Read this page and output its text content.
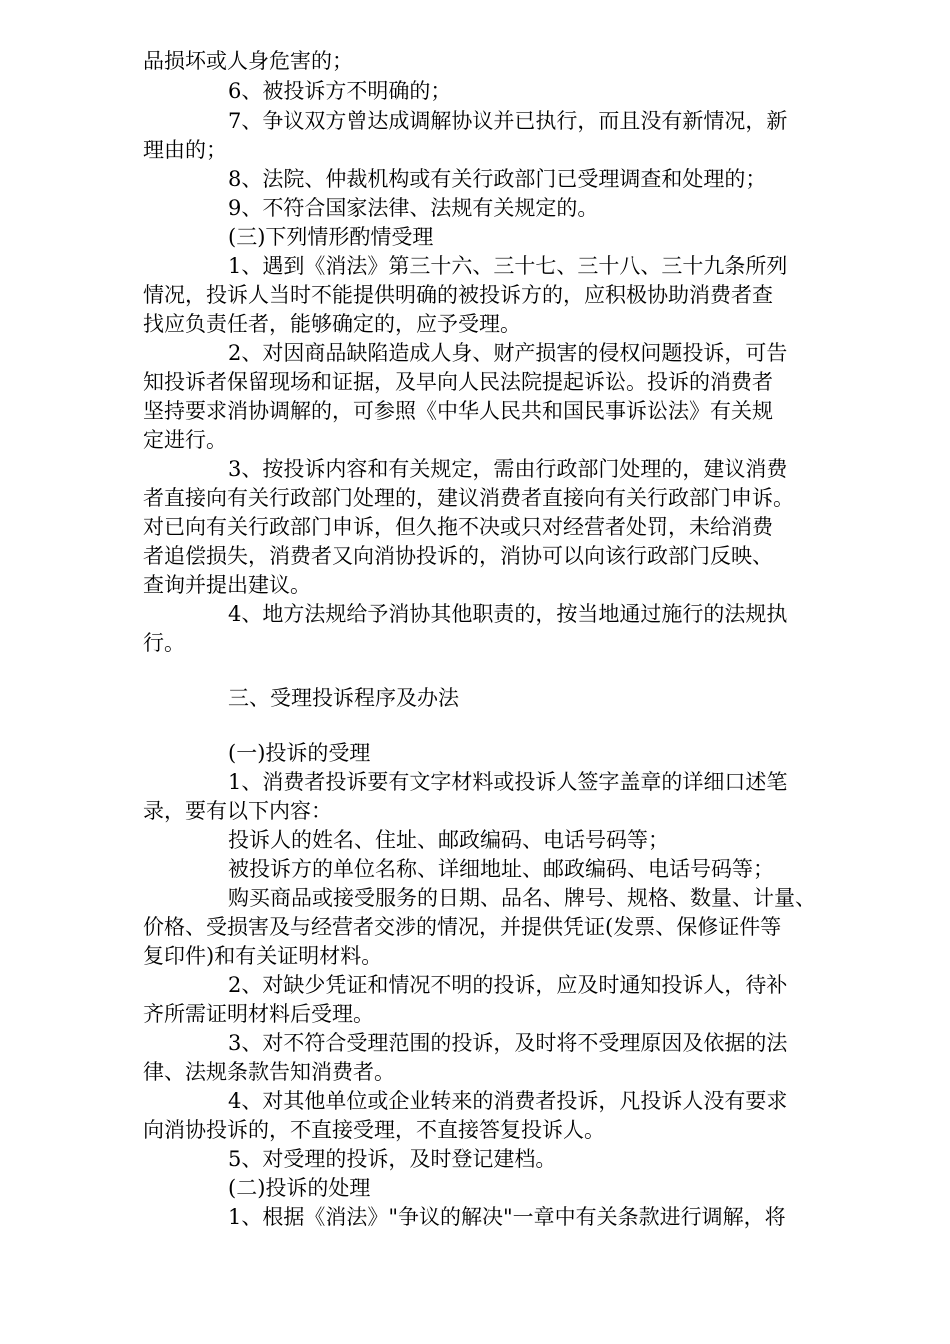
品损坏或人身危害的；
6、被投诉方不明确的；
7、争议双方曾达成调解协议并已执行，而且没有新情况，新
理由的；
8、法院、仲裁机构或有关行政部门已受理调查和处理的；
9、不符合国家法律、法规有关规定的。
(三)下列情形酌情受理
1、遇到《消法》第三十六、三十七、三十八、三十九条所列
情况，投诉人当时不能提供明确的被投诉方的，应积极协助消费者查
找应负责任者，能够确定的，应予受理。
2、对因商品缺陷造成人身、财产损害的侵权问题投诉，可告
知投诉者保留现场和证据，及早向人民法院提起诉讼。投诉的消费者
坚持要求消协调解的，可参照《中华人民共和国民事诉讼法》有关规
定进行。
3、按投诉内容和有关规定，需由行政部门处理的，建议消费
者直接向有关行政部门处理的，建议消费者直接向有关行政部门申诉。
对已向有关行政部门申诉，但久拖不决或只对经营者处罚，未给消费
者追偿损失，消费者又向消协投诉的，消协可以向该行政部门反映、
查询并提出建议。
4、地方法规给予消协其他职责的，按当地通过施行的法规执
行。
三、受理投诉程序及办法
(一)投诉的受理
1、消费者投诉要有文字材料或投诉人签字盖章的详细口述笔
录，要有以下内容：
投诉人的姓名、住址、邮政编码、电话号码等；
被投诉方的单位名称、详细地址、邮政编码、电话号码等；
购买商品或接受服务的日期、品名、牌号、规格、数量、计量、
价格、受损害及与经营者交涉的情况，并提供凭证(发票、保修证件等
复印件)和有关证明材料。
2、对缺少凭证和情况不明的投诉，应及时通知投诉人，待补
齐所需证明材料后受理。
3、对不符合受理范围的投诉，及时将不受理原因及依据的法
律、法规条款告知消费者。
4、对其他单位或企业转来的消费者投诉，凡投诉人没有要求
向消协投诉的，不直接受理，不直接答复投诉人。
5、对受理的投诉，及时登记建档。
(二)投诉的处理
1、根据《消法》"争议的解决"一章中有关条款进行调解，将
